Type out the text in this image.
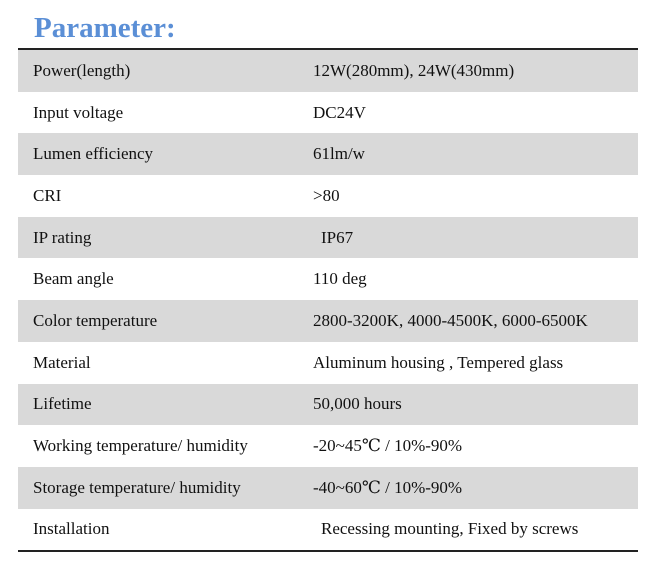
Parameter:
Power(length)	12W(280mm), 24W(430mm)
Input voltage	DC24V
Lumen efficiency	61lm/w
CRI	>80
IP rating	IP67
Beam angle	110 deg
Color temperature	2800-3200K, 4000-4500K, 6000-6500K
Material	Aluminum housing , Tempered glass
Lifetime	50,000 hours
Working temperature/ humidity	-20~45℃ / 10%-90%
Storage temperature/ humidity	-40~60℃ / 10%-90%
Installation	Recessing mounting, Fixed by screws
